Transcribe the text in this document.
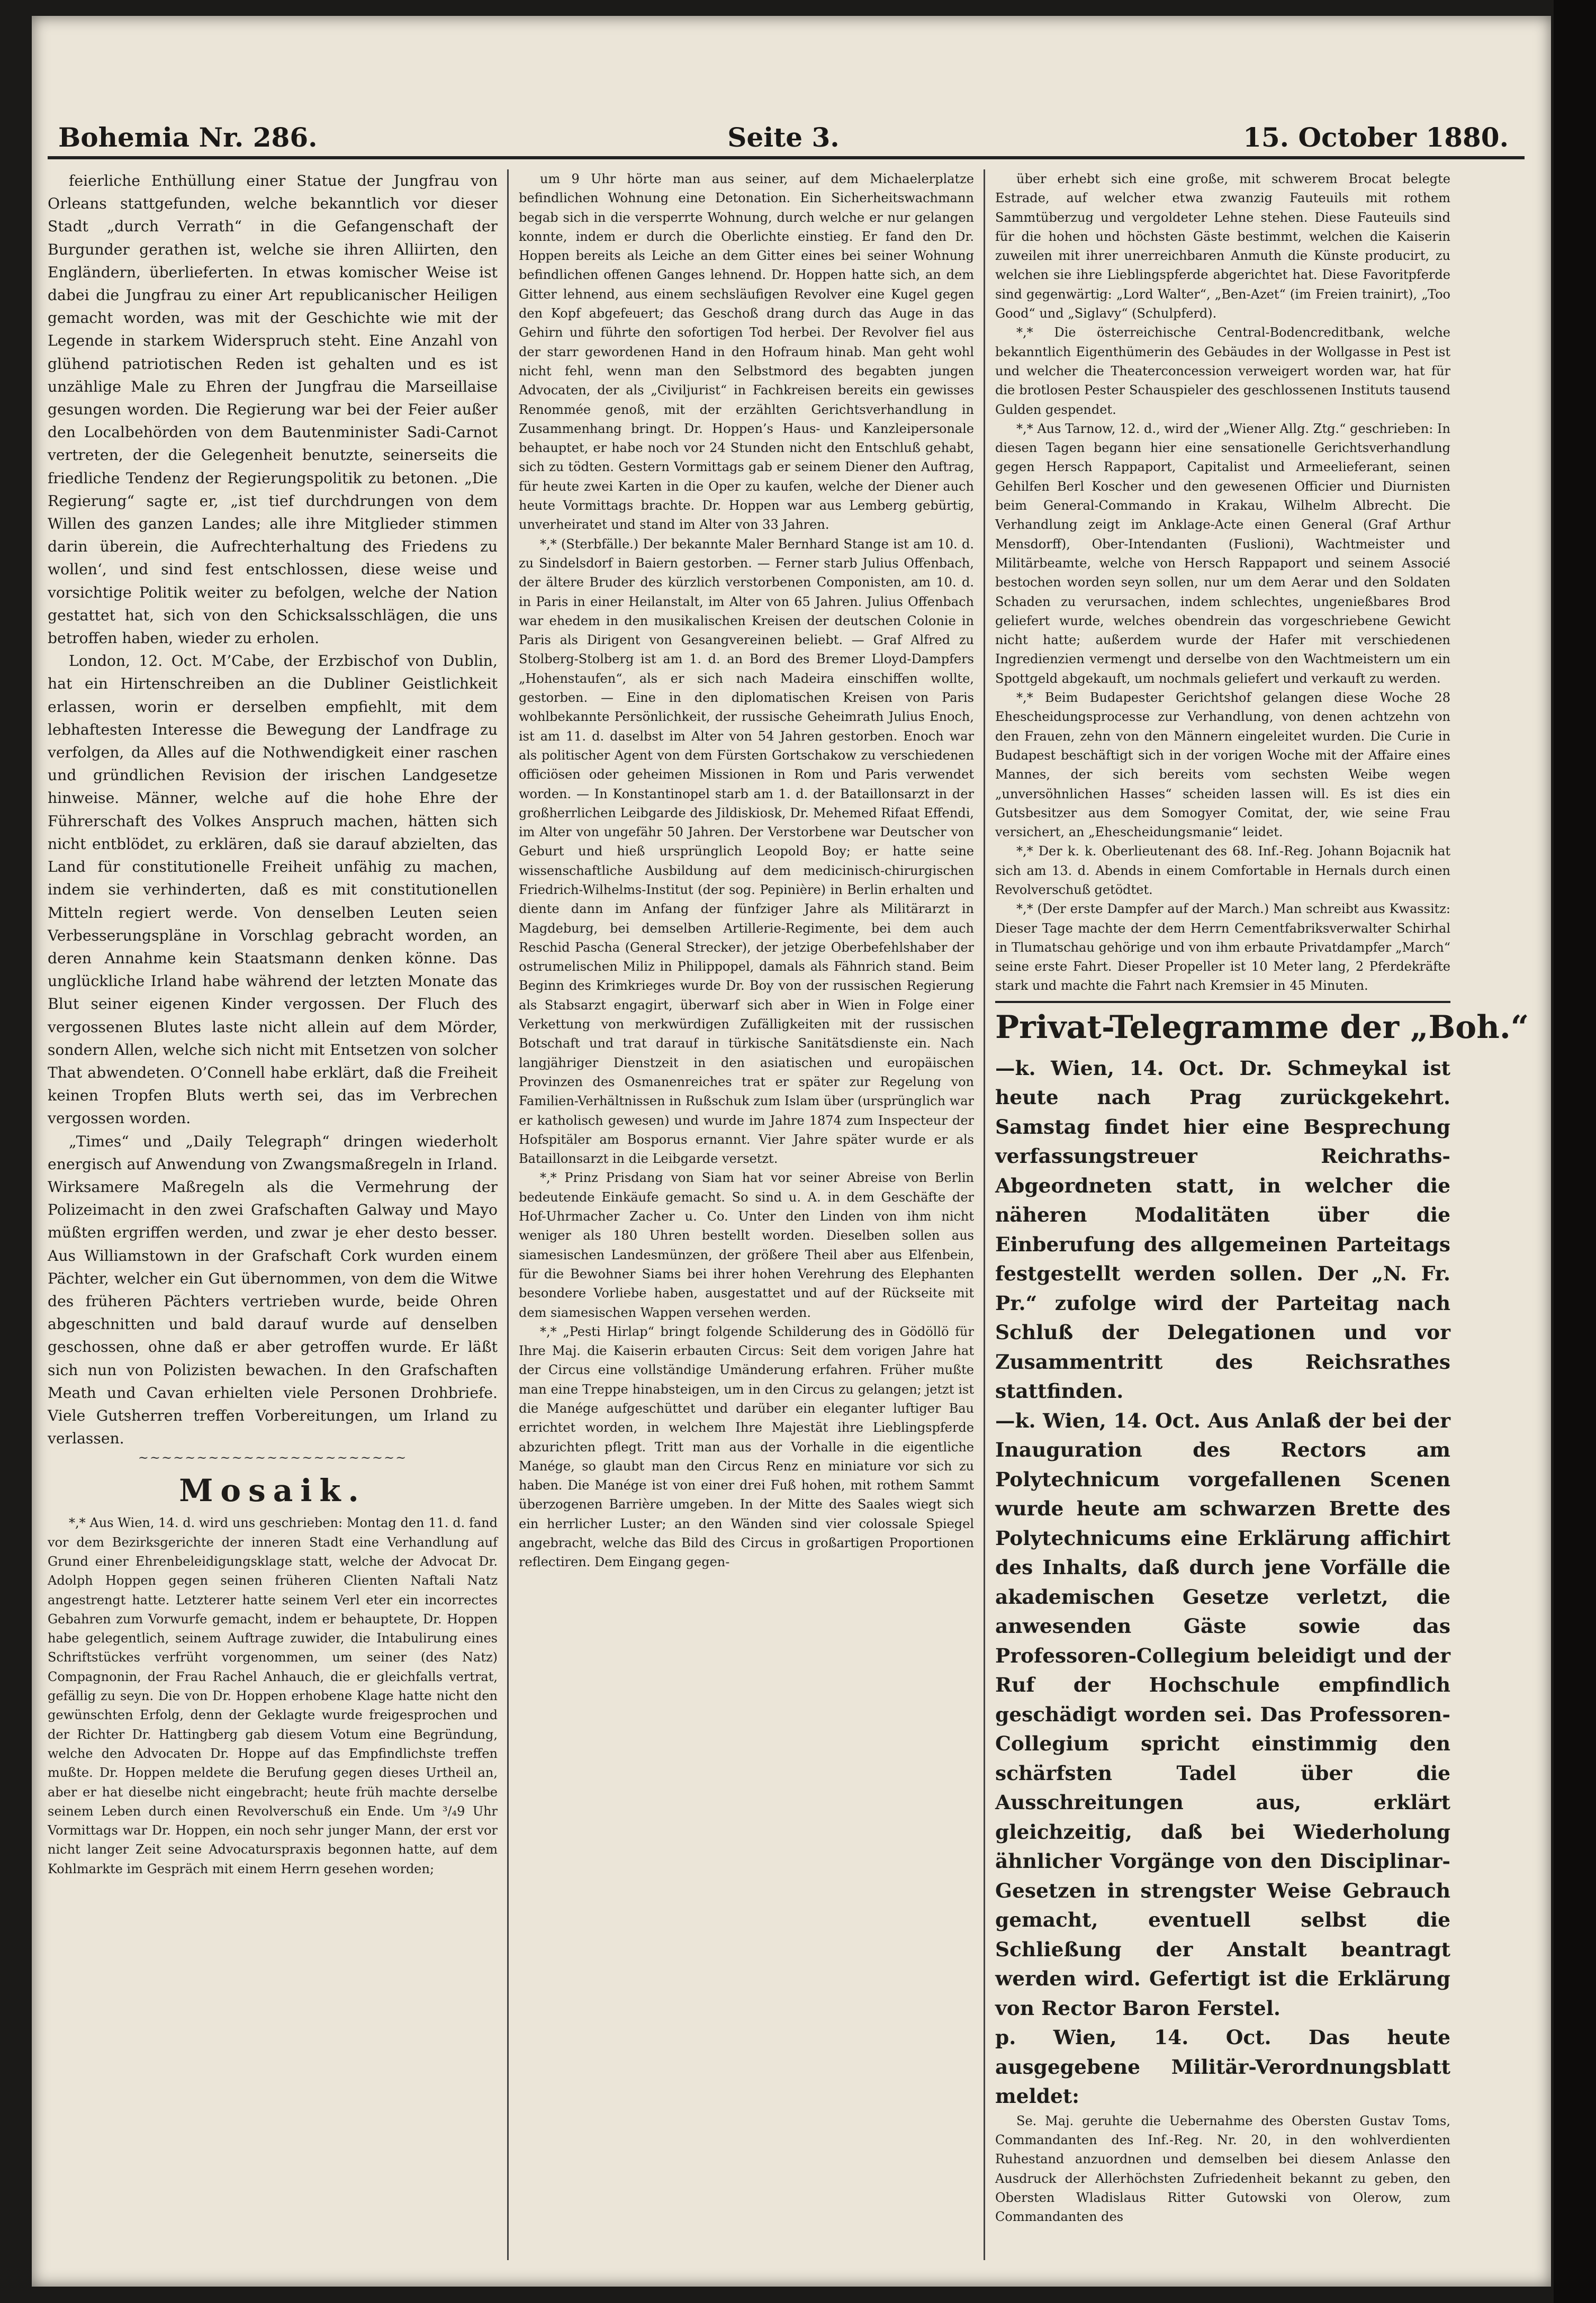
Bohemia Nr. 286.	Seite 3.	15. October 1880.

feierliche Enthüllung einer Statue der Jungfrau von Orleans stattgefunden, welche bekanntlich vor dieser Stadt „durch Verrath“ in die Gefangenschaft der Burgunder gerathen ist, welche sie ihren Alliirten, den Engländern, überlieferten. In etwas komischer Weise ist dabei die Jungfrau zu einer Art republicanischer Heiligen gemacht worden, was mit der Geschichte wie mit der Legende in starkem Widerspruch steht. Eine Anzahl von glühend patriotischen Reden ist gehalten und es ist unzählige Male zu Ehren der Jungfrau die Marseillaise gesungen worden. Die Regierung war bei der Feier außer den Localbehörden von dem Bautenminister Sadi-Carnot vertreten, der die Gelegenheit benutzte, seinerseits die friedliche Tendenz der Regierungspolitik zu betonen. „Die Regierung“ sagte er, „ist tief durchdrungen von dem Willen des ganzen Landes; alle ihre Mitglieder stimmen darin überein, die Aufrechterhaltung des Friedens zu wollen‘, und sind fest entschlossen, diese weise und vorsichtige Politik weiter zu befolgen, welche der Nation gestattet hat, sich von den Schicksalsschlägen, die uns betroffen haben, wieder zu erholen.

London, 12. Oct. M’Cabe, der Erzbischof von Dublin, hat ein Hirtenschreiben an die Dubliner Geistlichkeit erlassen, worin er derselben empfiehlt, mit dem lebhaftesten Interesse die Bewegung der Landfrage zu verfolgen, da Alles auf die Nothwendigkeit einer raschen und gründlichen Revision der irischen Landgesetze hinweise. Männer, welche auf die hohe Ehre der Führerschaft des Volkes Anspruch machen, hätten sich nicht entblödet, zu erklären, daß sie darauf abzielten, das Land für constitutionelle Freiheit unfähig zu machen, indem sie verhinderten, daß es mit constitutionellen Mitteln regiert werde. Von denselben Leuten seien Verbesserungspläne in Vorschlag gebracht worden, an deren Annahme kein Staatsmann denken könne. Das unglückliche Irland habe während der letzten Monate das Blut seiner eigenen Kinder vergossen. Der Fluch des vergossenen Blutes laste nicht allein auf dem Mörder, sondern Allen, welche sich nicht mit Entsetzen von solcher That abwendeten. O’Connell habe erklärt, daß die Freiheit keinen Tropfen Bluts werth sei, das im Verbrechen vergossen worden.

„Times“ und „Daily Telegraph“ dringen wiederholt energisch auf Anwendung von Zwangsmaßregeln in Irland. Wirksamere Maßregeln als die Vermehrung der Polizeimacht in den zwei Grafschaften Galway und Mayo müßten ergriffen werden, und zwar je eher desto besser. Aus Williamstown in der Grafschaft Cork wurden einem Pächter, welcher ein Gut übernommen, von dem die Witwe des früheren Pächters vertrieben wurde, beide Ohren abgeschnitten und bald darauf wurde auf denselben geschossen, ohne daß er aber getroffen wurde. Er läßt sich nun von Polizisten bewachen. In den Grafschaften Meath und Cavan erhielten viele Personen Drohbriefe. Viele Gutsherren treffen Vorbereitungen, um Irland zu verlassen.

~~~~~~~~~~~~~~~~~~~~~~~
Mosaik.

*,* Aus Wien, 14. d. wird uns geschrieben: Montag den 11. d. fand vor dem Bezirksgerichte der inneren Stadt eine Verhandlung auf Grund einer Ehrenbeleidigungsklage statt, welche der Advocat Dr. Adolph Hoppen gegen seinen früheren Clienten Naftali Natz angestrengt hatte. Letzterer hatte seinem Verl eter ein incorrectes Gebahren zum Vorwurfe gemacht, indem er behauptete, Dr. Hoppen habe gelegentlich, seinem Auftrage zuwider, die Intabulirung eines Schriftstückes verfrüht vorgenommen, um seiner (des Natz) Compagnonin, der Frau Rachel Anhauch, die er gleichfalls vertrat, gefällig zu seyn. Die von Dr. Hoppen erhobene Klage hatte nicht den gewünschten Erfolg, denn der Geklagte wurde freigesprochen und der Richter Dr. Hattingberg gab diesem Votum eine Begründung, welche den Advocaten Dr. Hoppe auf das Empfindlichste treffen mußte. Dr. Hoppen meldete die Berufung gegen dieses Urtheil an, aber er hat dieselbe nicht eingebracht; heute früh machte derselbe seinem Leben durch einen Revolverschuß ein Ende. Um ³/₄9 Uhr Vormittags war Dr. Hoppen, ein noch sehr junger Mann, der erst vor nicht langer Zeit seine Advocaturspraxis begonnen hatte, auf dem Kohlmarkte im Gespräch mit einem Herrn gesehen worden;

um 9 Uhr hörte man aus seiner, auf dem Michaelerplatze befindlichen Wohnung eine Detonation. Ein Sicherheitswachmann begab sich in die versperrte Wohnung, durch welche er nur gelangen konnte, indem er durch die Oberlichte einstieg. Er fand den Dr. Hoppen bereits als Leiche an dem Gitter eines bei seiner Wohnung befindlichen offenen Ganges lehnend. Dr. Hoppen hatte sich, an dem Gitter lehnend, aus einem sechsläufigen Revolver eine Kugel gegen den Kopf abgefeuert; das Geschoß drang durch das Auge in das Gehirn und führte den sofortigen Tod herbei. Der Revolver fiel aus der starr gewordenen Hand in den Hofraum hinab. Man geht wohl nicht fehl, wenn man den Selbstmord des begabten jungen Advocaten, der als „Civiljurist“ in Fachkreisen bereits ein gewisses Renommée genoß, mit der erzählten Gerichtsverhandlung in Zusammenhang bringt. Dr. Hoppen’s Haus- und Kanzleipersonale behauptet, er habe noch vor 24 Stunden nicht den Entschluß gehabt, sich zu tödten. Gestern Vormittags gab er seinem Diener den Auftrag, für heute zwei Karten in die Oper zu kaufen, welche der Diener auch heute Vormittags brachte. Dr. Hoppen war aus Lemberg gebürtig, unverheiratet und stand im Alter von 33 Jahren.

*,* (Sterbfälle.) Der bekannte Maler Bernhard Stange ist am 10. d. zu Sindelsdorf in Baiern gestorben. — Ferner starb Julius Offenbach, der ältere Bruder des kürzlich verstorbenen Componisten, am 10. d. in Paris in einer Heilanstalt, im Alter von 65 Jahren. Julius Offenbach war ehedem in den musikalischen Kreisen der deutschen Colonie in Paris als Dirigent von Gesangvereinen beliebt. — Graf Alfred zu Stolberg-Stolberg ist am 1. d. an Bord des Bremer Lloyd-Dampfers „Hohenstaufen“, als er sich nach Madeira einschiffen wollte, gestorben. — Eine in den diplomatischen Kreisen von Paris wohlbekannte Persönlichkeit, der russische Geheimrath Julius Enoch, ist am 11. d. daselbst im Alter von 54 Jahren gestorben. Enoch war als politischer Agent von dem Fürsten Gortschakow zu verschiedenen officiösen oder geheimen Missionen in Rom und Paris verwendet worden. — In Konstantinopel starb am 1. d. der Bataillonsarzt in der großherrlichen Leibgarde des Jildiskiosk, Dr. Mehemed Rifaat Effendi, im Alter von ungefähr 50 Jahren. Der Verstorbene war Deutscher von Geburt und hieß ursprünglich Leopold Boy; er hatte seine wissenschaftliche Ausbildung auf dem medicinisch-chirurgischen Friedrich-Wilhelms-Institut (der sog. Pepinière) in Berlin erhalten und diente dann im Anfang der fünfziger Jahre als Militärarzt in Magdeburg, bei demselben Artillerie-Regimente, bei dem auch Reschid Pascha (General Strecker), der jetzige Oberbefehlshaber der ostrumelischen Miliz in Philippopel, damals als Fähnrich stand. Beim Beginn des Krimkrieges wurde Dr. Boy von der russischen Regierung als Stabsarzt engagirt, überwarf sich aber in Wien in Folge einer Verkettung von merkwürdigen Zufälligkeiten mit der russischen Botschaft und trat darauf in türkische Sanitätsdienste ein. Nach langjähriger Dienstzeit in den asiatischen und europäischen Provinzen des Osmanenreiches trat er später zur Regelung von Familien-Verhältnissen in Rußschuk zum Islam über (ursprünglich war er katholisch gewesen) und wurde im Jahre 1874 zum Inspecteur der Hofspitäler am Bosporus ernannt. Vier Jahre später wurde er als Bataillonsarzt in die Leibgarde versetzt.

*,* Prinz Prisdang von Siam hat vor seiner Abreise von Berlin bedeutende Einkäufe gemacht. So sind u. A. in dem Geschäfte der Hof-Uhrmacher Zacher u. Co. Unter den Linden von ihm nicht weniger als 180 Uhren bestellt worden. Dieselben sollen aus siamesischen Landesmünzen, der größere Theil aber aus Elfenbein, für die Bewohner Siams bei ihrer hohen Verehrung des Elephanten besondere Vorliebe haben, ausgestattet und auf der Rückseite mit dem siamesischen Wappen versehen werden.

*,* „Pesti Hirlap“ bringt folgende Schilderung des in Gödöllö für Ihre Maj. die Kaiserin erbauten Circus: Seit dem vorigen Jahre hat der Circus eine vollständige Umänderung erfahren. Früher mußte man eine Treppe hinabsteigen, um in den Circus zu gelangen; jetzt ist die Manége aufgeschüttet und darüber ein eleganter luftiger Bau errichtet worden, in welchem Ihre Majestät ihre Lieblingspferde abzurichten pflegt. Tritt man aus der Vorhalle in die eigentliche Manége, so glaubt man den Circus Renz en miniature vor sich zu haben. Die Manége ist von einer drei Fuß hohen, mit rothem Sammt überzogenen Barrière umgeben. In der Mitte des Saales wiegt sich ein herrlicher Luster; an den Wänden sind vier colossale Spiegel angebracht, welche das Bild des Circus in großartigen Proportionen reflectiren. Dem Eingang gegen-

über erhebt sich eine große, mit schwerem Brocat belegte Estrade, auf welcher etwa zwanzig Fauteuils mit rothem Sammtüberzug und vergoldeter Lehne stehen. Diese Fauteuils sind für die hohen und höchsten Gäste bestimmt, welchen die Kaiserin zuweilen mit ihrer unerreichbaren Anmuth die Künste producirt, zu welchen sie ihre Lieblingspferde abgerichtet hat. Diese Favoritpferde sind gegenwärtig: „Lord Walter“, „Ben-Azet“ (im Freien trainirt), „Too Good“ und „Siglavy“ (Schulpferd).

*,* Die österreichische Central-Bodencreditbank, welche bekanntlich Eigenthümerin des Gebäudes in der Wollgasse in Pest ist und welcher die Theaterconcession verweigert worden war, hat für die brotlosen Pester Schauspieler des geschlossenen Instituts tausend Gulden gespendet.

*,* Aus Tarnow, 12. d., wird der „Wiener Allg. Ztg.“ geschrieben: In diesen Tagen begann hier eine sensationelle Gerichtsverhandlung gegen Hersch Rappaport, Capitalist und Armeelieferant, seinen Gehilfen Berl Koscher und den gewesenen Officier und Diurnisten beim General-Commando in Krakau, Wilhelm Albrecht. Die Verhandlung zeigt im Anklage-Acte einen General (Graf Arthur Mensdorff), Ober-Intendanten (Fuslioni), Wachtmeister und Militärbeamte, welche von Hersch Rappaport und seinem Associé bestochen worden seyn sollen, nur um dem Aerar und den Soldaten Schaden zu verursachen, indem schlechtes, ungenießbares Brod geliefert wurde, welches obendrein das vorgeschriebene Gewicht nicht hatte; außerdem wurde der Hafer mit verschiedenen Ingredienzien vermengt und derselbe von den Wachtmeistern um ein Spottgeld abgekauft, um nochmals geliefert und verkauft zu werden.

*,* Beim Budapester Gerichtshof gelangen diese Woche 28 Ehescheidungsprocesse zur Verhandlung, von denen achtzehn von den Frauen, zehn von den Männern eingeleitet wurden. Die Curie in Budapest beschäftigt sich in der vorigen Woche mit der Affaire eines Mannes, der sich bereits vom sechsten Weibe wegen „unversöhnlichen Hasses“ scheiden lassen will. Es ist dies ein Gutsbesitzer aus dem Somogyer Comitat, der, wie seine Frau versichert, an „Ehescheidungsmanie“ leidet.

*,* Der k. k. Oberlieutenant des 68. Inf.-Reg. Johann Bojacnik hat sich am 13. d. Abends in einem Comfortable in Hernals durch einen Revolverschuß getödtet.

*,* (Der erste Dampfer auf der March.) Man schreibt aus Kwassitz: Dieser Tage machte der dem Herrn Cementfabriksverwalter Schirhal in Tlumatschau gehörige und von ihm erbaute Privatdampfer „March“ seine erste Fahrt. Dieser Propeller ist 10 Meter lang, 2 Pferdekräfte stark und machte die Fahrt nach Kremsier in 45 Minuten.

Privat-Telegramme der „Boh.“

—k. Wien, 14. Oct. Dr. Schmeykal ist heute nach Prag zurückgekehrt. Samstag findet hier eine Besprechung verfassungstreuer Reichraths-Abgeordneten statt, in welcher die näheren Modalitäten über die Einberufung des allgemeinen Parteitags festgestellt werden sollen. Der „N. Fr. Pr.“ zufolge wird der Parteitag nach Schluß der Delegationen und vor Zusammentritt des Reichsrathes stattfinden.

—k. Wien, 14. Oct. Aus Anlaß der bei der Inauguration des Rectors am Polytechnicum vorgefallenen Scenen wurde heute am schwarzen Brette des Polytechnicums eine Erklärung affichirt des Inhalts, daß durch jene Vorfälle die akademischen Gesetze verletzt, die anwesenden Gäste sowie das Professoren-Collegium beleidigt und der Ruf der Hochschule empfindlich geschädigt worden sei. Das Professoren-Collegium spricht einstimmig den schärfsten Tadel über die Ausschreitungen aus, erklärt gleichzeitig, daß bei Wiederholung ähnlicher Vorgänge von den Disciplinar-Gesetzen in strengster Weise Gebrauch gemacht, eventuell selbst die Schließung der Anstalt beantragt werden wird. Gefertigt ist die Erklärung von Rector Baron Ferstel.

p. Wien, 14. Oct. Das heute ausgegebene Militär-Verordnungsblatt meldet:

Se. Maj. geruhte die Uebernahme des Obersten Gustav Toms, Commandanten des Inf.-Reg. Nr. 20, in den wohlverdienten Ruhestand anzuordnen und demselben bei diesem Anlasse den Ausdruck der Allerhöchsten Zufriedenheit bekannt zu geben, den Obersten Wladislaus Ritter Gutowski von Olerow, zum Commandanten des
